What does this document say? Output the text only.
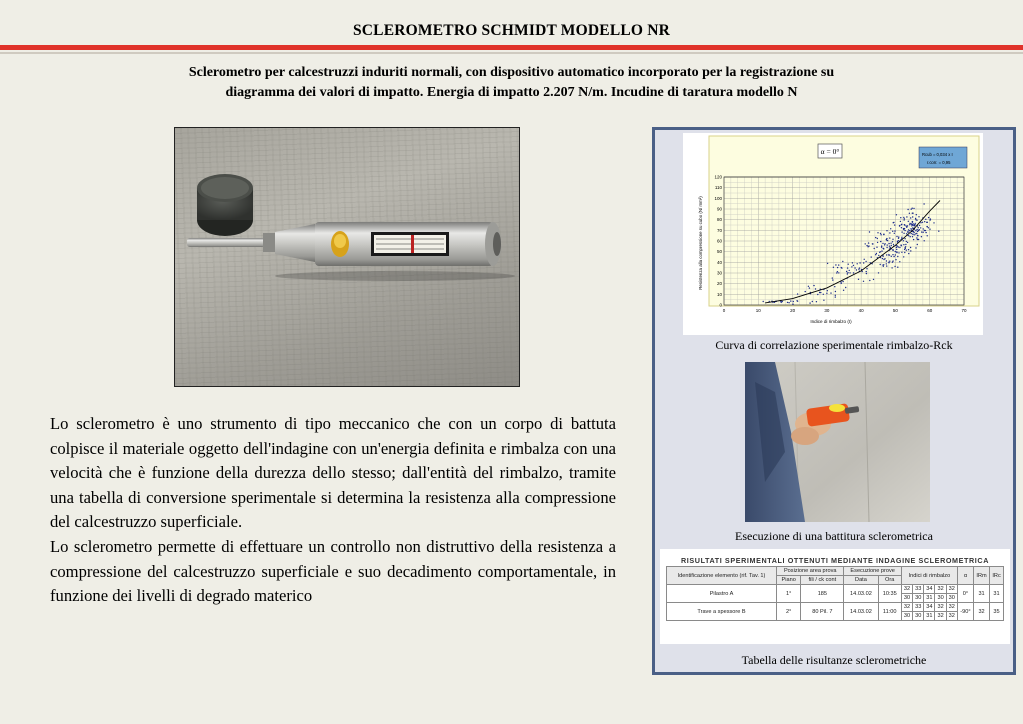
SCLEROMETRO SCHMIDT MODELLO NR
Sclerometro per calcestruzzi induriti normali, con dispositivo automatico incorporato per la registrazione su
diagramma dei valori di impatto. Energia di impatto 2.207 N/m. Incudine di taratura modello N

Lo sclerometro è uno strumento di tipo meccanico che con un corpo di battuta colpisce il materiale oggetto dell'indagine con un'energia definita e rimbalza con una velocità che è funzione della durezza dello stesso; dall'entità del rimbalzo, tramite una tabella di conversione sperimentale si determina la resistenza alla compressione del calcestruzzo superficiale.

Lo sclerometro permette di effettuare un controllo non distruttivo della resistenza a compressione del calcestruzzo superficiale e suo decadimento comportamentale, in funzione dei livelli di degrado materico

α = 0°	Rcub = 0,034 x I
r.corr. = 0,95
0	10	20	30	40	50	60	70
0
10
20
30
40
50
60
70
80
90
100
110
120
Indice di rimbalzo (I)
Resistenza alla compressione su cubo (N/ mm²)
Curva di correlazione sperimentale rimbalzo-Rck
Esecuzione di una battitura sclerometrica
RISULTATI SPERIMENTALI OTTENUTI MEDIANTE INDAGINE SCLEROMETRICA
Identificazione elemento (rif. Tav. 1)	Posizione area prova		Esecuzione prove		Indici di rimbalzo					α	IRm	IRc
	Piano	fili / ck cont	Data	Ora								
Pilastro A	1°	185	14.03.02	10:35	32	33	34	32	32	0°	31	31
					30	30	31	30	30			
Trave a spessore B	2°	80 Pil. 7	14.03.02	11:00	32	33	34	32	32	-90°	32	35
					30	30	31	32	32			
Tabella delle risultanze sclerometriche
